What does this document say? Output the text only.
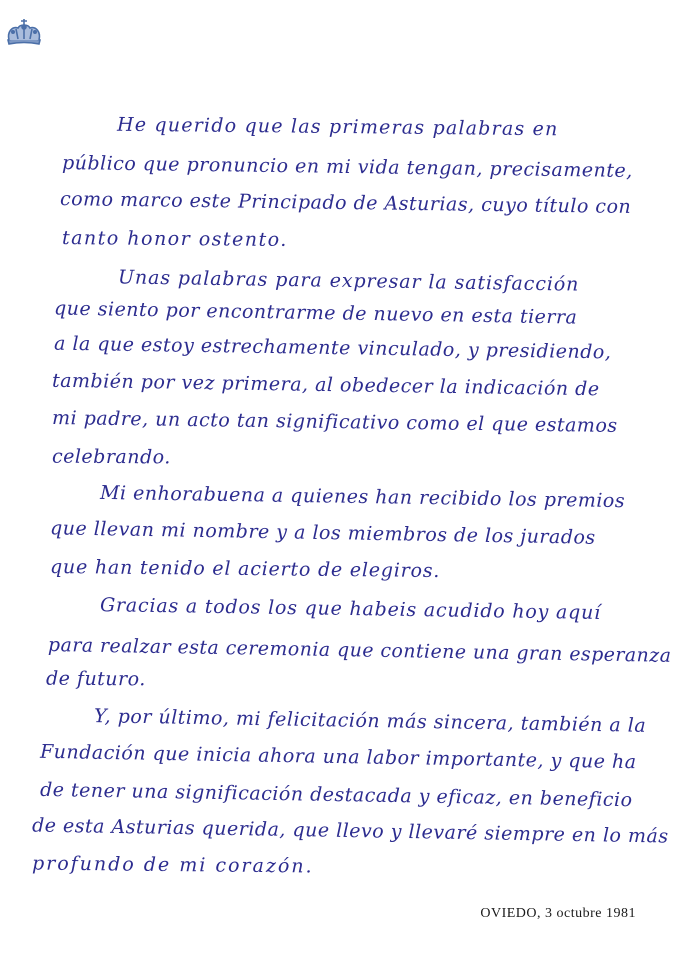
He querido que las primeras palabras en
público que pronuncio en mi vida tengan, precisamente,
como marco este Principado de Asturias, cuyo título con
tanto honor ostento.
Unas palabras para expresar la satisfacción
que siento por encontrarme de nuevo en esta tierra
a la que estoy estrechamente vinculado, y presidiendo,
también por vez primera, al obedecer la indicación de
mi padre, un acto tan significativo como el que estamos
celebrando.
Mi enhorabuena a quienes han recibido los premios
que llevan mi nombre y a los miembros de los jurados
que han tenido el acierto de elegiros.
Gracias a todos los que habeis acudido hoy aquí
para realzar esta ceremonia que contiene una gran esperanza
de futuro.
Y, por último, mi felicitación más sincera, también a la
Fundación que inicia ahora una labor importante, y que ha
de tener una significación destacada y eficaz, en beneficio
de esta Asturias querida, que llevo y llevaré siempre en lo más
profundo de mi corazón.
OVIEDO, 3 octubre 1981
